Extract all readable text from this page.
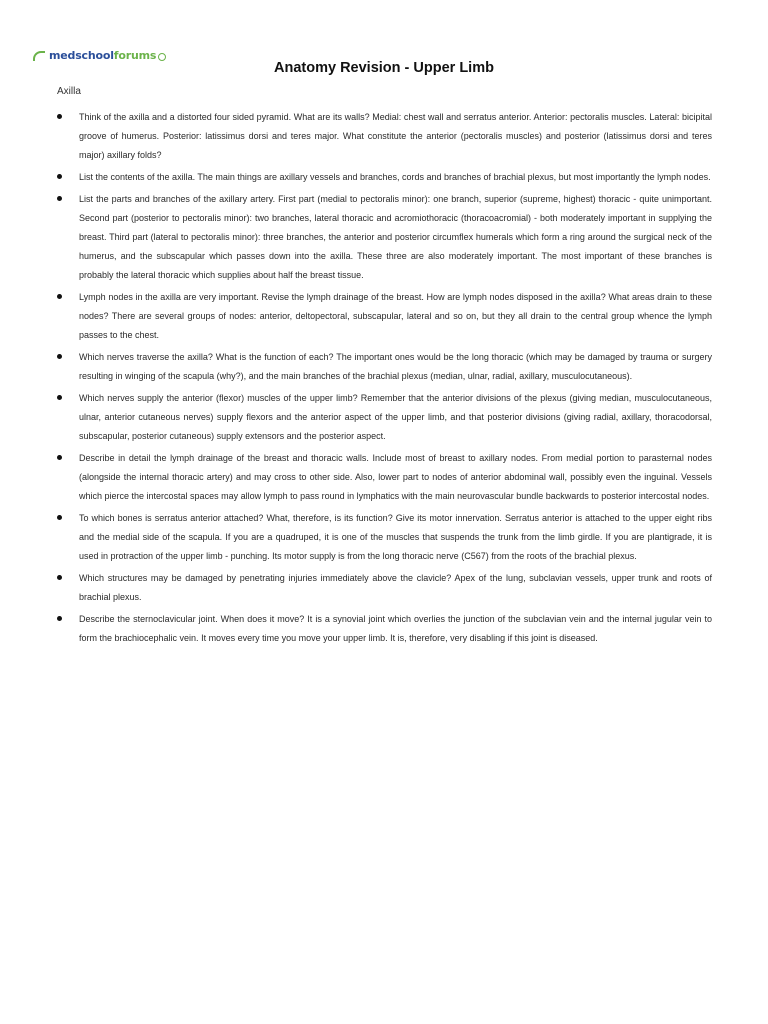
medschoolforums
Anatomy Revision - Upper Limb
Axilla
Think of the axilla and a distorted four sided pyramid. What are its walls? Medial: chest wall and serratus anterior. Anterior: pectoralis muscles. Lateral: bicipital groove of humerus. Posterior: latissimus dorsi and teres major. What constitute the anterior (pectoralis muscles) and posterior (latissimus dorsi and teres major) axillary folds?
List the contents of the axilla. The main things are axillary vessels and branches, cords and branches of brachial plexus, but most importantly the lymph nodes.
List the parts and branches of the axillary artery. First part (medial to pectoralis minor): one branch, superior (supreme, highest) thoracic - quite unimportant. Second part (posterior to pectoralis minor): two branches, lateral thoracic and acromiothoracic (thoracoacromial) - both moderately important in supplying the breast. Third part (lateral to pectoralis minor): three branches, the anterior and posterior circumflex humerals which form a ring around the surgical neck of the humerus, and the subscapular which passes down into the axilla. These three are also moderately important. The most important of these branches is probably the lateral thoracic which supplies about half the breast tissue.
Lymph nodes in the axilla are very important. Revise the lymph drainage of the breast. How are lymph nodes disposed in the axilla? What areas drain to these nodes? There are several groups of nodes: anterior, deltopectoral, subscapular, lateral and so on, but they all drain to the central group whence the lymph passes to the chest.
Which nerves traverse the axilla? What is the function of each? The important ones would be the long thoracic (which may be damaged by trauma or surgery resulting in winging of the scapula (why?), and the main branches of the brachial plexus (median, ulnar, radial, axillary, musculocutaneous).
Which nerves supply the anterior (flexor) muscles of the upper limb? Remember that the anterior divisions of the plexus (giving median, musculocutaneous, ulnar, anterior cutaneous nerves) supply flexors and the anterior aspect of the upper limb, and that posterior divisions (giving radial, axillary, thoracodorsal, subscapular, posterior cutaneous) supply extensors and the posterior aspect.
Describe in detail the lymph drainage of the breast and thoracic walls. Include most of breast to axillary nodes. From medial portion to parasternal nodes (alongside the internal thoracic artery) and may cross to other side. Also, lower part to nodes of anterior abdominal wall, possibly even the inguinal. Vessels which pierce the intercostal spaces may allow lymph to pass round in lymphatics with the main neurovascular bundle backwards to posterior intercostal nodes.
To which bones is serratus anterior attached? What, therefore, is its function? Give its motor innervation. Serratus anterior is attached to the upper eight ribs and the medial side of the scapula. If you are a quadruped, it is one of the muscles that suspends the trunk from the limb girdle. If you are plantigrade, it is used in protraction of the upper limb - punching. Its motor supply is from the long thoracic nerve (C567) from the roots of the brachial plexus.
Which structures may be damaged by penetrating injuries immediately above the clavicle? Apex of the lung, subclavian vessels, upper trunk and roots of brachial plexus.
Describe the sternoclavicular joint. When does it move? It is a synovial joint which overlies the junction of the subclavian vein and the internal jugular vein to form the brachiocephalic vein. It moves every time you move your upper limb. It is, therefore, very disabling if this joint is diseased.
